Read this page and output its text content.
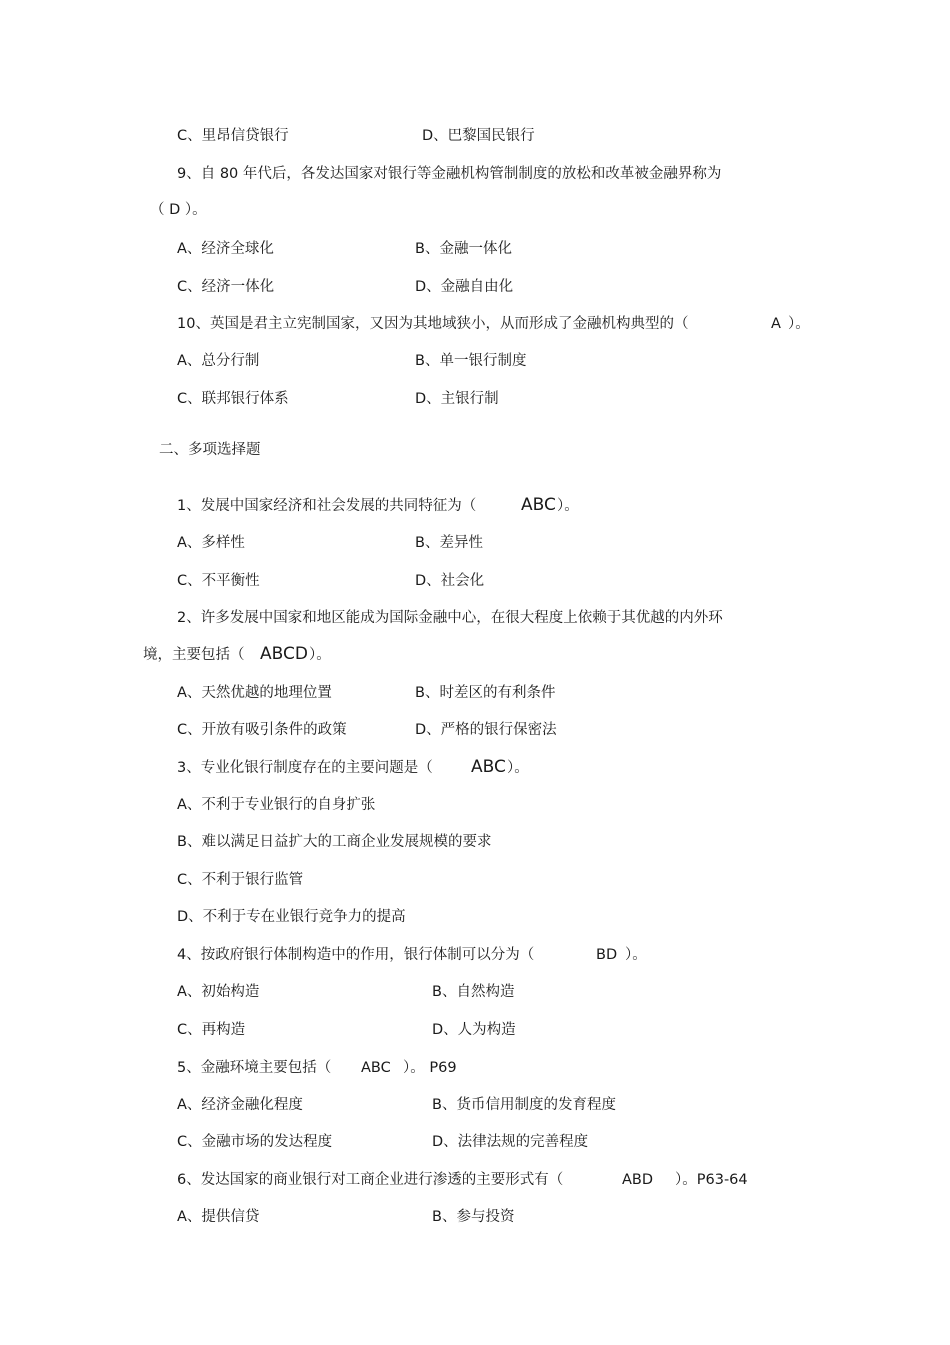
C、里昂信贷银行	D、巴黎国民银行
9、自 80 年代后，各发达国家对银行等金融机构管制制度的放松和改革被金融界称为
（ D ）。
A、经济全球化	B、金融一体化
C、经济一体化	D、金融自由化
10、英国是君主立宪制国家，又因为其地域狭小，从而形成了金融机构典型的（	A ）。
A、总分行制	B、单一银行制度
C、联邦银行体系	D、主银行制
二、多项选择题
1、发展中国家经济和社会发展的共同特征为（	ABC ）。
A、多样性	B、差异性
C、不平衡性	D、社会化
2、许多发展中国家和地区能成为国际金融中心，在很大程度上依赖于其优越的内外环
境，主要包括（ ABCD ）。
A、天然优越的地理位置	B、时差区的有利条件
C、开放有吸引条件的政策	D、严格的银行保密法
3、专业化银行制度存在的主要问题是（ ABC ）。
A、不利于专业银行的自身扩张
B、难以满足日益扩大的工商企业发展规模的要求
C、不利于银行监管
D、不利于专在业银行竞争力的提高
4、按政府银行体制构造中的作用，银行体制可以分为（	BD ）。
A、初始构造	B、自然构造
C、再构造	D、人为构造
5、金融环境主要包括（ ABC ）。 P69
A、经济金融化程度	B、货币信用制度的发育程度
C、金融市场的发达程度	D、法律法规的完善程度
6、发达国家的商业银行对工商企业进行渗透的主要形式有（	ABD ）。P63-64
A、提供信贷	B、参与投资
